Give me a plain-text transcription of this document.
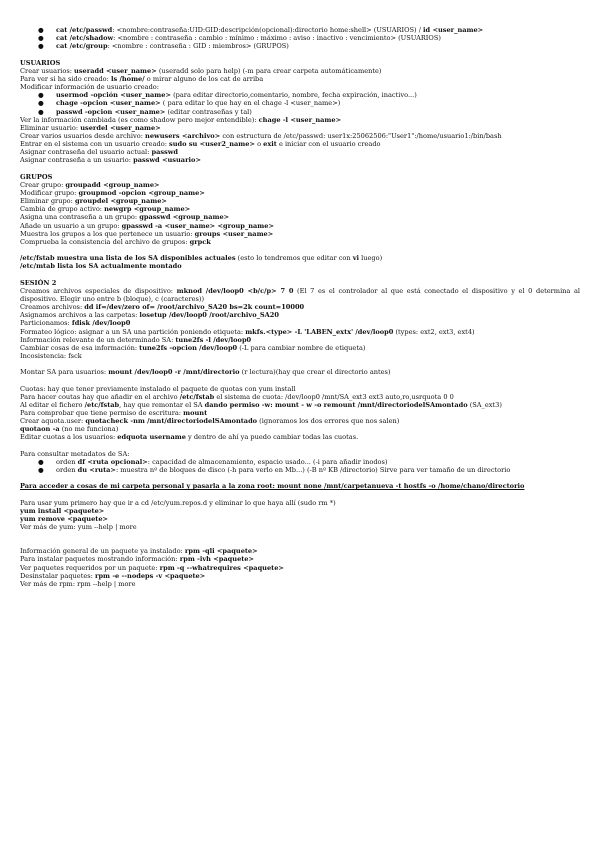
●	cat /etc/passwd: <nombre:contraseña:UID:GID:descripción(opcional):directorio home:shell> (USUARIOS) / id <user_name>
●	cat /etc/shadow: <nombre : contraseña : cambio : mínimo : máximo : aviso : inactivo : vencimiento> (USUARIOS)
●	cat /etc/group: <nombre : contraseña : GID : miembros> (GRUPOS)
USUARIOS
Crear usuarios: useradd <user_name> (useradd solo para help) (-m para crear carpeta automáticamente)
Para ver si ha sido creado: ls /home/ o mirar alguno de los cat de arriba
Modificar información de usuario creado:
●	usermod -opción <user_name> (para editar directorio,comentario, nombre, fecha expiración, inactivo...)
●	chage -opcion <user_name> ( para editar lo que hay en el chage -l <user_name>)
●	passwd -opcion <user_name> (editar contraseñas y tal)
Ver la información cambiada (es como shadow pero mejor entendible): chage -l <user_name>
Eliminar usuario: userdel <user_name>
Crear varios usuarios desde archivo: newusers <archivo> con estructura de /etc/passwd: user1x:25062506:"User1":/home/usuario1:/bin/bash
Entrar en el sistema con un usuario creado: sudo su <user2_name> o exit e iniciar con el usuario creado
Asignar contraseña del usuario actual: passwd
Asignar contraseña a un usuario: passwd <usuario>
GRUPOS
Crear grupo: groupadd <group_name>
Modificar grupo: groupmod -opcion <group_name>
Eliminar grupo: groupdel <group_name>
Cambia de grupo activo: newgrp <group_name>
Asigna una contraseña a un grupo: gpasswd <group_name>
Añade un usuario a un grupo: gpasswd -a <user_name> <group_name>
Muestra los grupos a los que pertenece un usuario: groups <user_name>
Comprueba la consistencia del archivo de grupos: grpck
/etc/fstab muestra una lista de los SA disponibles actuales (esto lo tendremos que editar con vi luego)
/etc/mtab lista los SA actualmente montado
SESIÓN 2
Creamos archivos especiales de dispositivo: mknod /dev/loop0 <b/c/p> 7 0 (El 7 es el controlador al que está conectado el dispositivo y el 0 determina al dispositivo. Elegir uno entre b (bloque), c (caracteres))
Creamos archivos: dd if=/dev/zero of= /root/archivo_SA20 bs=2k count=10000
Asignamos archivos a las carpetas: losetup /dev/loop0 /root/archivo_SA20
Particionamos: fdisk /dev/loop0
Formateo lógico: asignar a un SA una partición poniendo etiqueta: mkfs.<type> -L 'LABEN_extx' /dev/loop0 (types: ext2, ext3, ext4)
Información relevante de un determinado SA: tune2fs -l /dev/loop0
Cambiar cosas de esa información: tune2fs -opcion /dev/loop0 (-L para cambiar nombre de etiqueta)
Incosistencia: fsck
Montar SA para usuarios: mount /dev/loop0 -r /mnt/directorio (r lectura)(hay que crear el directorio antes)
Cuotas: hay que tener previamente instalado el paquete de quotas con yum install
Para hacer coutas hay que añadir en el archivo /etc/fstab el sistema de cuota: /dev/loop0 /mnt/SA_ext3 ext3 auto,ro,usrquota 0 0
Al editar el fichero /etc/fstab, hay que remontar el SA dando permiso -w: mount - w -o remount /mnt/directoriodelSAmontado (SA_ext3)
Para comprobar que tiene permiso de escritura: mount
Crear aquota.user: quotacheck -nm /mnt/directoriodelSAmontado (ignoramos los dos errores que nos salen)
quotaon -a (no me funciona)
Editar cuotas a los usuarios: edquota username y dentro de ahí ya puedo cambiar todas las cuotas.
Para consultar metadatos de SA:
●	orden df <ruta opcional>: capacidad de almacenamiento, espacio usado... (-i para añadir inodos)
●	orden du <ruta>: muestra nº de bloques de disco (-h para verlo en Mb...) (-B nº KB /directorio) Sirve para ver tamaño de un directorio
Para acceder a cosas de mi carpeta personal y pasarla a la zona root: mount none /mnt/carpetanueva -t hostfs -o /home/chano/directorio
Para usar yum primero hay que ir a cd /etc/yum.repos.d y eliminar lo que haya allí (sudo rm *)
yum install <paquete>
yum remove <paquete>
Ver más de yum: yum --help | more
Información general de un paquete ya instalado: rpm -qli <paquete>
Para instalar paquetes mostrando información: rpm -ivh <paquete>
Ver paquetes requeridos por un paquete: rpm -q --whatrequires <paquete>
Desinstalar paquetes: rpm -e --nodeps -v <paquete>
Ver más de rpm: rpm --help | more
